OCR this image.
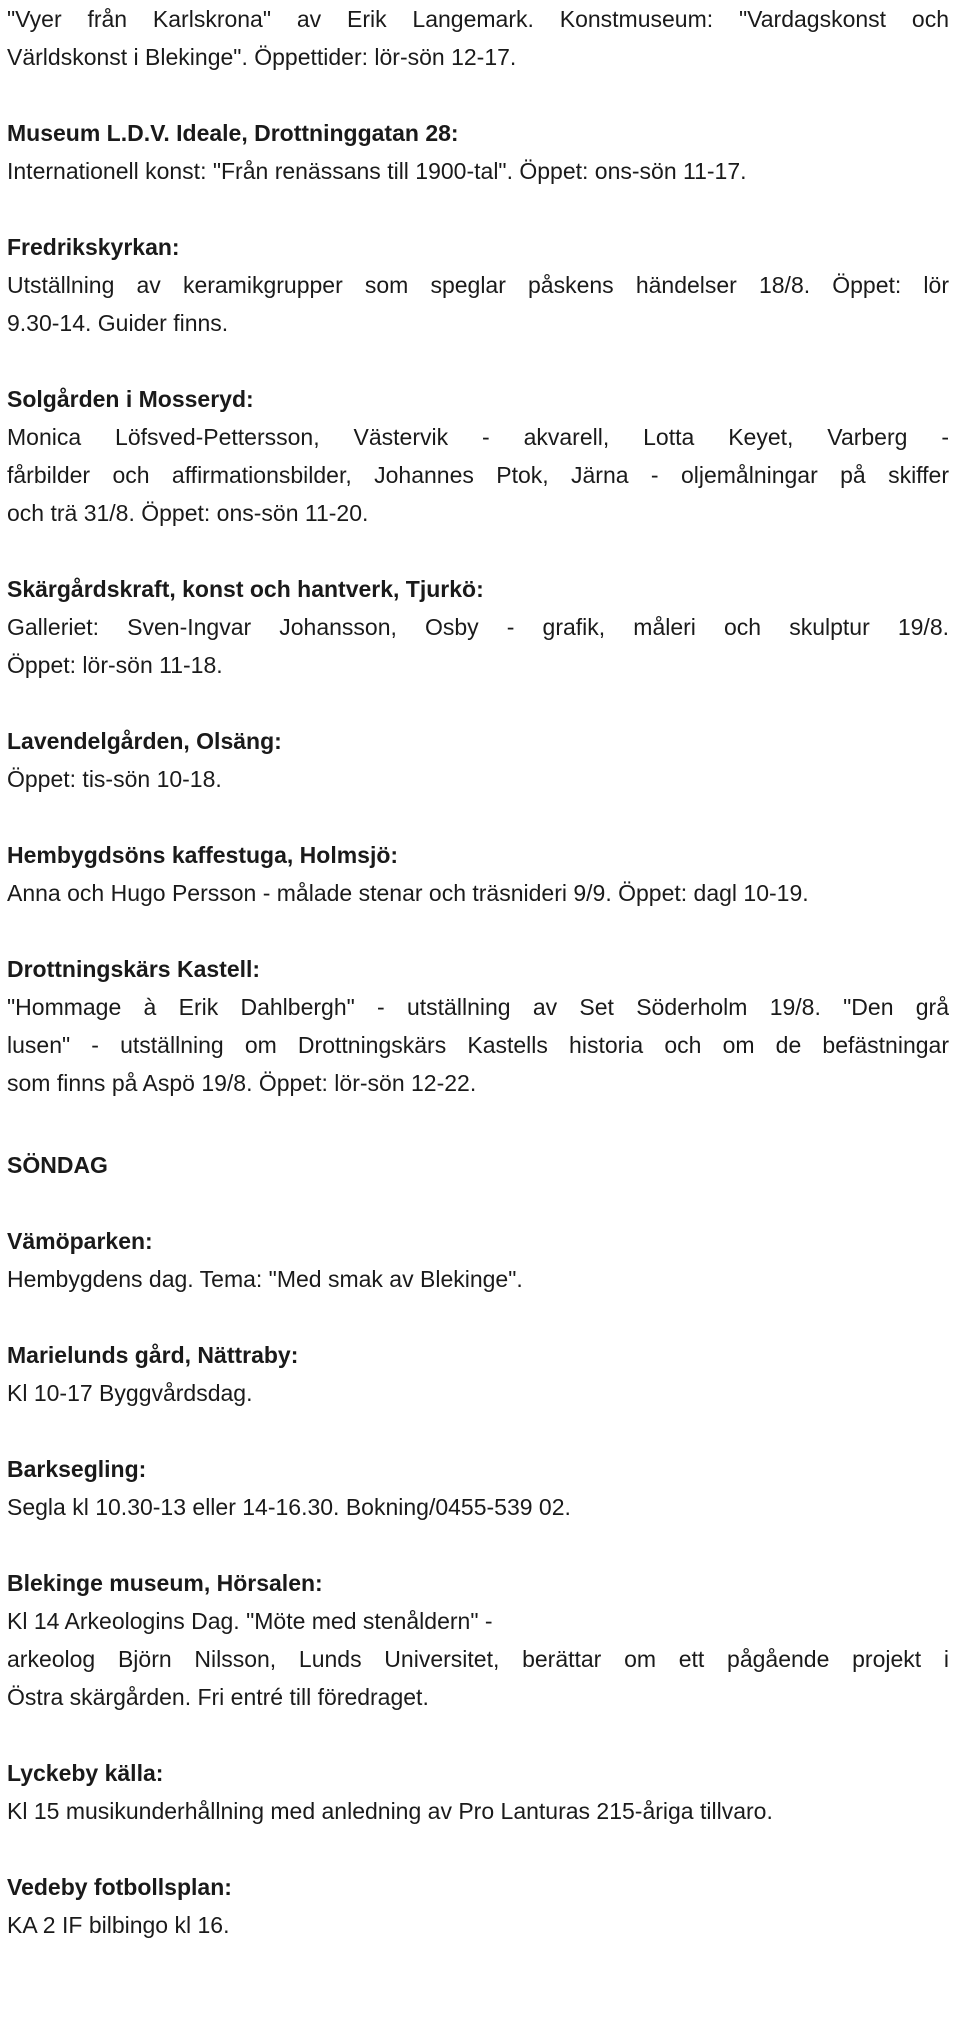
"Vyer från Karlskrona" av Erik Langemark. Konstmuseum: "Vardagskonst och
Världskonst i Blekinge". Öppettider: lör-sön 12-17.
Museum L.D.V. Ideale, Drottninggatan 28:
Internationell konst: "Från renässans till 1900-tal". Öppet: ons-sön 11-17.
Fredrikskyrkan:
Utställning av keramikgrupper som speglar påskens händelser 18/8. Öppet: lör
9.30-14. Guider finns.
Solgården i Mosseryd:
Monica Löfsved-Pettersson, Västervik - akvarell, Lotta Keyet, Varberg -
fårbilder och affirmationsbilder, Johannes Ptok, Järna - oljemålningar på skiffer
och trä 31/8. Öppet: ons-sön 11-20.
Skärgårdskraft, konst och hantverk, Tjurkö:
Galleriet: Sven-Ingvar Johansson, Osby - grafik, måleri och skulptur 19/8.
Öppet: lör-sön 11-18.
Lavendelgården, Olsäng:
Öppet: tis-sön 10-18.
Hembygdsöns kaffestuga, Holmsjö:
Anna och Hugo Persson - målade stenar och träsnideri 9/9. Öppet: dagl 10-19.
Drottningskärs Kastell:
"Hommage à Erik Dahlbergh" - utställning av Set Söderholm 19/8. "Den grå
lusen" - utställning om Drottningskärs Kastells historia och om de befästningar
som finns på Aspö 19/8. Öppet: lör-sön 12-22.
SÖNDAG
Vämöparken:
Hembygdens dag. Tema: "Med smak av Blekinge".
Marielunds gård, Nättraby:
Kl 10-17 Byggvårdsdag.
Barksegling:
Segla kl 10.30-13 eller 14-16.30. Bokning/0455-539 02.
Blekinge museum, Hörsalen:
Kl 14 Arkeologins Dag. "Möte med stenåldern" -
arkeolog Björn Nilsson, Lunds Universitet, berättar om ett pågående projekt i
Östra skärgården. Fri entré till föredraget.
Lyckeby källa:
Kl 15 musikunderhållning med anledning av Pro Lanturas 215-åriga tillvaro.
Vedeby fotbollsplan:
KA 2 IF bilbingo kl 16.
